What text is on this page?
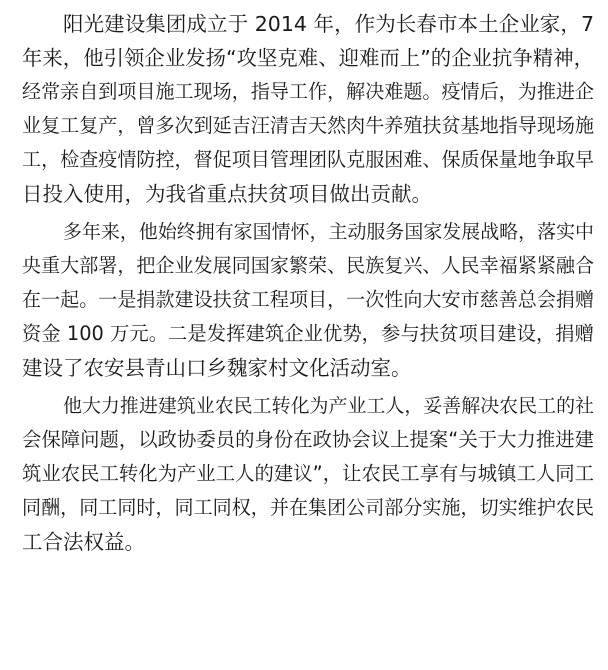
阳光建设集团成立于 2014 年，作为长春市本土企业家，7
年来，他引领企业发扬“攻坚克难、迎难而上”的企业抗争精神，
经常亲自到项目施工现场，指导工作，解决难题。疫情后，为推进企
业复工复产，曾多次到延吉汪清吉天然肉牛养殖扶贫基地指导现场施
工，检查疫情防控，督促项目管理团队克服困难、保质保量地争取早
日投入使用，为我省重点扶贫项目做出贡献。
多年来，他始终拥有家国情怀，主动服务国家发展战略，落实中
央重大部署，把企业发展同国家繁荣、民族复兴、人民幸福紧紧融合
在一起。一是捐款建设扶贫工程项目，一次性向大安市慈善总会捐赠
资金 100 万元。二是发挥建筑企业优势，参与扶贫项目建设，捐赠
建设了农安县青山口乡魏家村文化活动室。
他大力推进建筑业农民工转化为产业工人，妥善解决农民工的社
会保障问题，以政协委员的身份在政协会议上提案“关于大力推进建
筑业农民工转化为产业工人的建议”，让农民工享有与城镇工人同工
同酬，同工同时，同工同权，并在集团公司部分实施，切实维护农民
工合法权益。
